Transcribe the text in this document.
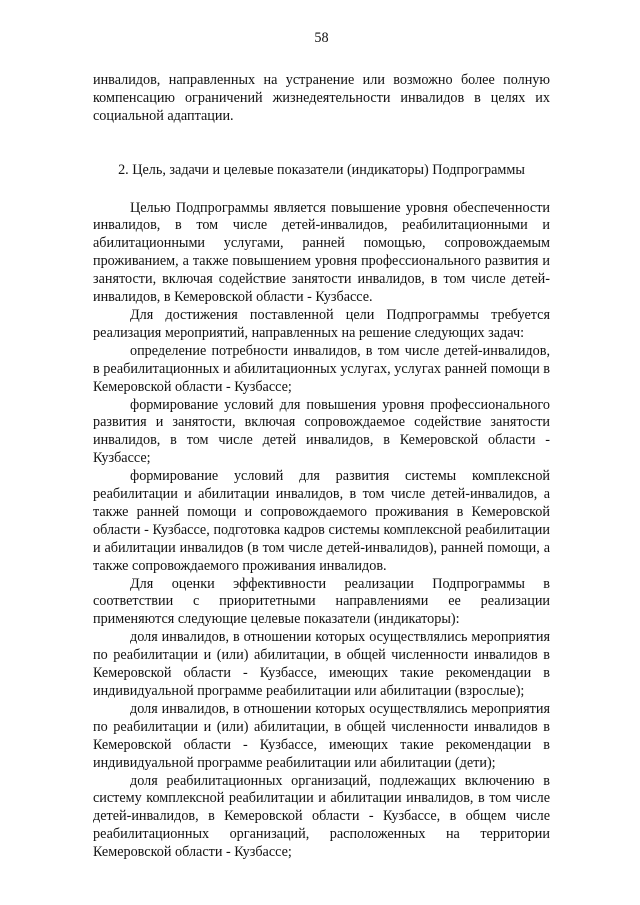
58

инвалидов, направленных на устранение или возможно более полную компенсацию ограничений жизнедеятельности инвалидов в целях их социальной адаптации.

2. Цель, задачи и целевые показатели (индикаторы) Подпрограммы

Целью Подпрограммы является повышение уровня обеспеченности инвалидов, в том числе детей-инвалидов, реабилитационными и абилитационными услугами, ранней помощью, сопровождаемым проживанием, а также повышением уровня профессионального развития и занятости, включая содействие занятости инвалидов, в том числе детей-инвалидов, в Кемеровской области - Кузбассе.

Для достижения поставленной цели Подпрограммы требуется реализация мероприятий, направленных на решение следующих задач:

определение потребности инвалидов, в том числе детей-инвалидов, в реабилитационных и абилитационных услугах, услугах ранней помощи в Кемеровской области - Кузбассе;

формирование условий для повышения уровня профессионального развития и занятости, включая сопровождаемое содействие занятости инвалидов, в том числе детей инвалидов, в Кемеровской области - Кузбассе;

формирование условий для развития системы комплексной реабилитации и абилитации инвалидов, в том числе детей-инвалидов, а также ранней помощи и сопровождаемого проживания в Кемеровской области - Кузбассе, подготовка кадров системы комплексной реабилитации и абилитации инвалидов (в том числе детей-инвалидов), ранней помощи, а также сопровождаемого проживания инвалидов.

Для оценки эффективности реализации Подпрограммы в соответствии с приоритетными направлениями ее реализации применяются следующие целевые показатели (индикаторы):

доля инвалидов, в отношении которых осуществлялись мероприятия по реабилитации и (или) абилитации, в общей численности инвалидов в Кемеровской области - Кузбассе, имеющих такие рекомендации в индивидуальной программе реабилитации или абилитации (взрослые);

доля инвалидов, в отношении которых осуществлялись мероприятия по реабилитации и (или) абилитации, в общей численности инвалидов в Кемеровской области - Кузбассе, имеющих такие рекомендации в индивидуальной программе реабилитации или абилитации (дети);

доля реабилитационных организаций, подлежащих включению в систему комплексной реабилитации и абилитации инвалидов, в том числе детей-инвалидов, в Кемеровской области - Кузбассе, в общем числе реабилитационных организаций, расположенных на территории Кемеровской области - Кузбассе;
